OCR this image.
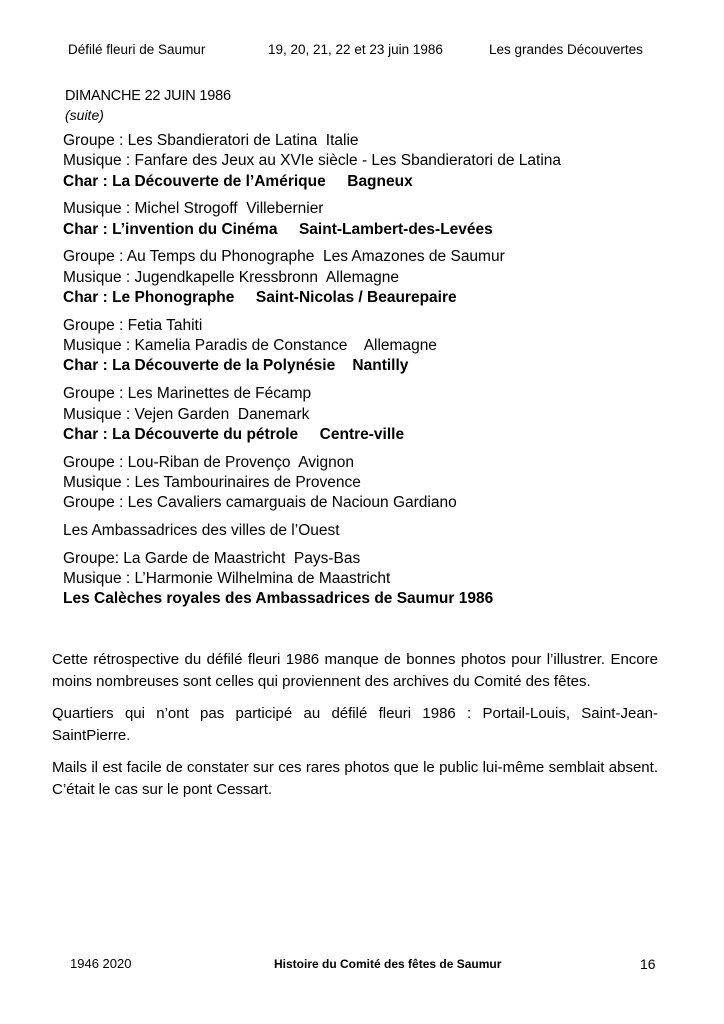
Défilé fleuri de Saumur	19, 20, 21, 22 et 23 juin 1986	Les grandes Découvertes
DIMANCHE 22 JUIN 1986
(suite)
Groupe : Les Sbandieratori de Latina  Italie
Musique : Fanfare des Jeux au XVIe siècle - Les Sbandieratori de Latina
Char : La Découverte de l’Amérique     Bagneux
Musique : Michel Strogoff  Villebernier
Char : L’invention du Cinéma     Saint-Lambert-des-Levées
Groupe : Au Temps du Phonographe  Les Amazones de Saumur
Musique : Jugendkapelle Kressbronn  Allemagne
Char : Le Phonographe     Saint-Nicolas / Beaurepaire
Groupe : Fetia Tahiti
Musique : Kamelia Paradis de Constance    Allemagne
Char : La Découverte de la Polynésie    Nantilly
Groupe : Les Marinettes de Fécamp
Musique : Vejen Garden  Danemark
Char : La Découverte du pétrole     Centre-ville
Groupe : Lou-Riban de Provenço  Avignon
Musique : Les Tambourinaires de Provence
Groupe : Les Cavaliers camarguais de Nacioun Gardiano
Les Ambassadrices des villes de l’Ouest
Groupe: La Garde de Maastricht  Pays-Bas
Musique : L’Harmonie Wilhelmina de Maastricht
Les Calèches royales des Ambassadrices de Saumur 1986

Cette rétrospective du défilé fleuri 1986 manque de bonnes photos pour l’illustrer. Encore moins nombreuses sont celles qui proviennent des archives du Comité des fêtes.

Quartiers qui n’ont pas participé au défilé fleuri 1986 : Portail-Louis, Saint-Jean-SaintPierre.

Mails il est facile de constater sur ces rares photos que le public lui-même semblait absent. C’était le cas sur le pont Cessart.

1946 2020	Histoire du Comité des fêtes de Saumur	16
